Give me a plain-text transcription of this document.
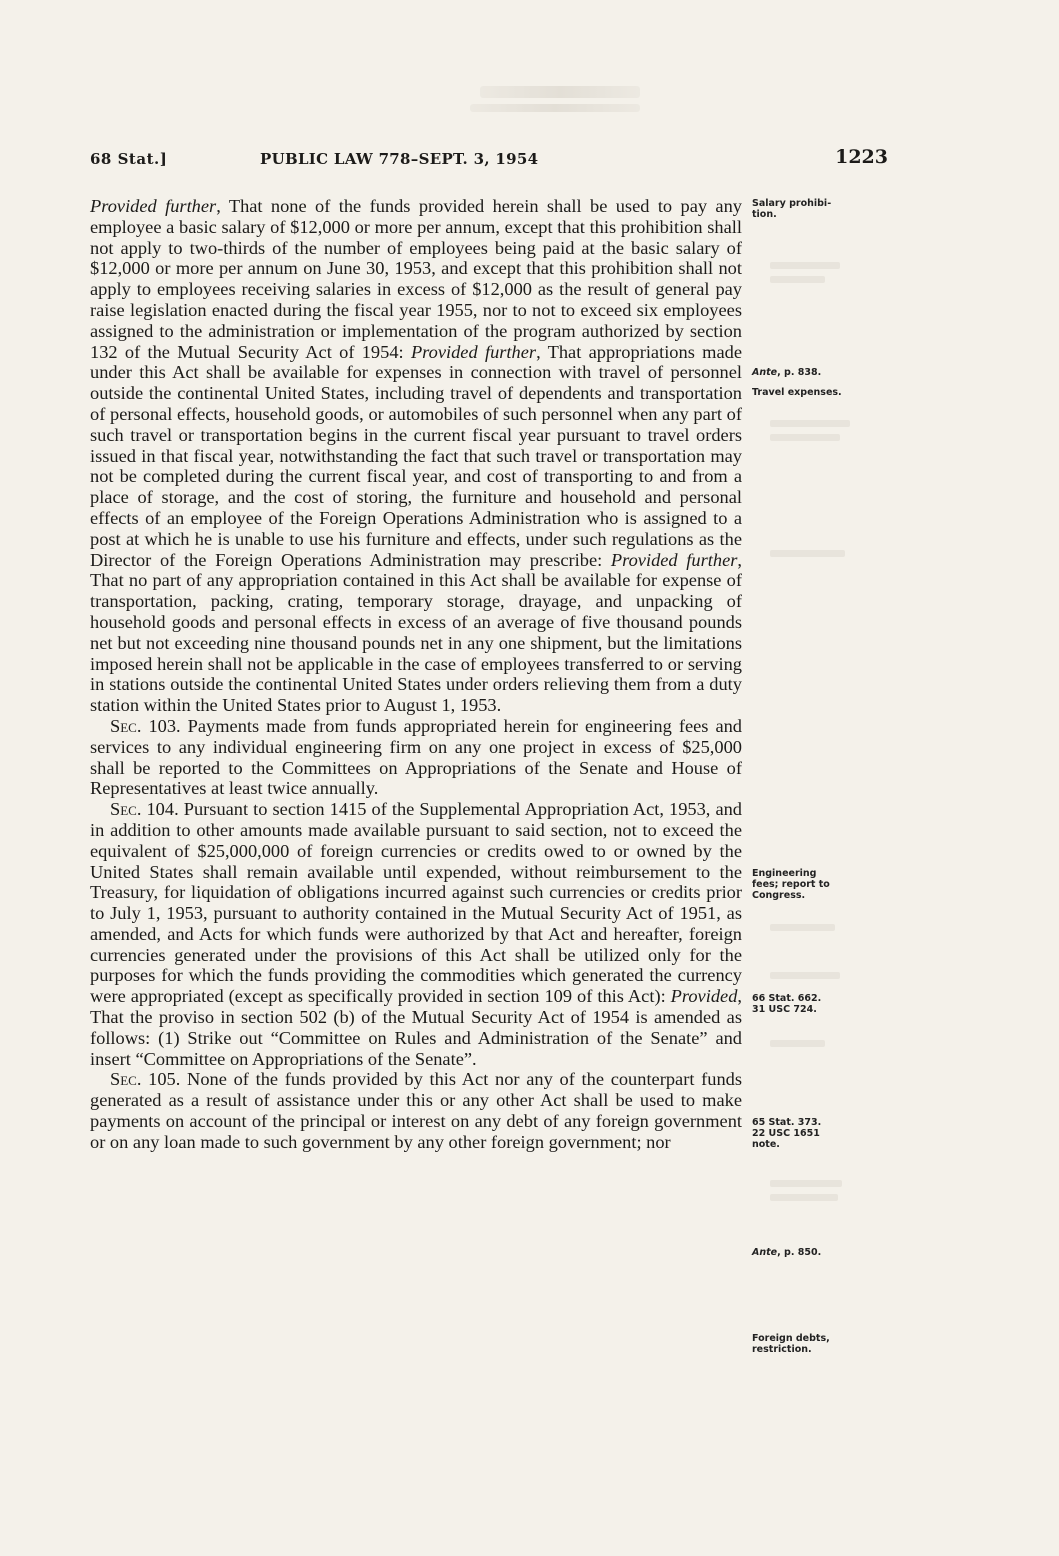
68 Stat.]	PUBLIC LAW 778–SEPT. 3, 1954	1223

Provided further, That none of the funds provided herein shall be used to pay any employee a basic salary of $12,000 or more per annum, except that this prohibition shall not apply to two-thirds of the number of employees being paid at the basic salary of $12,000 or more per annum on June 30, 1953, and except that this prohibition shall not apply to employees receiving salaries in excess of $12,000 as the result of general pay raise legislation enacted during the fiscal year 1955, nor to not to exceed six employees assigned to the administration or implementation of the program authorized by section 132 of the Mutual Security Act of 1954: Provided further, That appropriations made under this Act shall be available for expenses in connection with travel of personnel outside the continental United States, including travel of dependents and transportation of personal effects, household goods, or automobiles of such personnel when any part of such travel or transportation begins in the current fiscal year pursuant to travel orders issued in that fiscal year, notwithstanding the fact that such travel or transportation may not be completed during the current fiscal year, and cost of transporting to and from a place of storage, and the cost of storing, the furniture and household and personal effects of an employee of the Foreign Operations Administration who is assigned to a post at which he is unable to use his furniture and effects, under such regulations as the Director of the Foreign Operations Administration may prescribe: Provided further, That no part of any appropriation contained in this Act shall be available for expense of transportation, packing, crating, temporary storage, drayage, and unpacking of household goods and personal effects in excess of an average of five thousand pounds net but not exceeding nine thousand pounds net in any one shipment, but the limitations imposed herein shall not be applicable in the case of employees transferred to or serving in stations outside the continental United States under orders relieving them from a duty station within the United States prior to August 1, 1953.

Sec. 103. Payments made from funds appropriated herein for engineering fees and services to any individual engineering firm on any one project in excess of $25,000 shall be reported to the Committees on Appropriations of the Senate and House of Representatives at least twice annually.

Sec. 104. Pursuant to section 1415 of the Supplemental Appropriation Act, 1953, and in addition to other amounts made available pursuant to said section, not to exceed the equivalent of $25,000,000 of foreign currencies or credits owed to or owned by the United States shall remain available until expended, without reimbursement to the Treasury, for liquidation of obligations incurred against such currencies or credits prior to July 1, 1953, pursuant to authority contained in the Mutual Security Act of 1951, as amended, and Acts for which funds were authorized by that Act and hereafter, foreign currencies generated under the provisions of this Act shall be utilized only for the purposes for which the funds providing the commodities which generated the currency were appropriated (except as specifically provided in section 109 of this Act): Provided, That the proviso in section 502 (b) of the Mutual Security Act of 1954 is amended as follows: (1) Strike out “Committee on Rules and Administration of the Senate” and insert “Committee on Appropriations of the Senate”.

Sec. 105. None of the funds provided by this Act nor any of the counterpart funds generated as a result of assistance under this or any other Act shall be used to make payments on account of the principal or interest on any debt of any foreign government or on any loan made to such government by any other foreign government; nor

Salary prohibi-
tion.
Ante, p. 838.
Travel expenses.
Engineering
fees; report to
Congress.
66 Stat. 662.
31 USC 724.
65 Stat. 373.
22 USC 1651
note.
Ante, p. 850.
Foreign debts,
restriction.
